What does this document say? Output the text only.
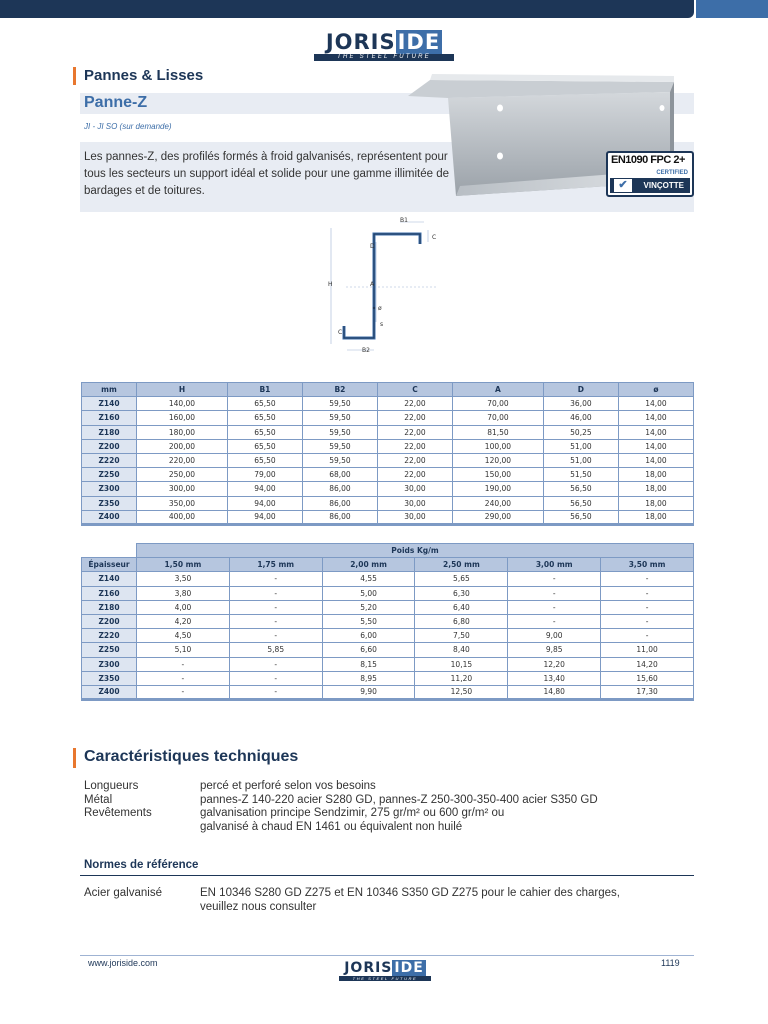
JORISIDE
THE STEEL FUTURE
Pannes & Lisses
Panne-Z
JI - JI SO (sur demande)
Les pannes-Z, des profilés formés à froid galvanisés, représentent pour tous les secteurs un support idéal et solide pour une gamme illimitée de bardages et de toitures.
EN1090 FPC 2+
CERTIFIED
✔	VINÇOTTE
B1
B2
C
C
D
H	A
ø
s
mm	H	B1	B2	C	A	D	ø
Z140	140,00	65,50	59,50	22,00	70,00	36,00	14,00
Z160	160,00	65,50	59,50	22,00	70,00	46,00	14,00
Z180	180,00	65,50	59,50	22,00	81,50	50,25	14,00
Z200	200,00	65,50	59,50	22,00	100,00	51,00	14,00
Z220	220,00	65,50	59,50	22,00	120,00	51,00	14,00
Z250	250,00	79,00	68,00	22,00	150,00	51,50	18,00
Z300	300,00	94,00	86,00	30,00	190,00	56,50	18,00
Z350	350,00	94,00	86,00	30,00	240,00	56,50	18,00
Z400	400,00	94,00	86,00	30,00	290,00	56,50	18,00
	Poids Kg/m					
Épaisseur	1,50 mm	1,75 mm	2,00 mm	2,50 mm	3,00 mm	3,50 mm
Z140	3,50	-	4,55	5,65	-	-
Z160	3,80	-	5,00	6,30	-	-
Z180	4,00	-	5,20	6,40	-	-
Z200	4,20	-	5,50	6,80	-	-
Z220	4,50	-	6,00	7,50	9,00	-
Z250	5,10	5,85	6,60	8,40	9,85	11,00
Z300	-	-	8,15	10,15	12,20	14,20
Z350	-	-	8,95	11,20	13,40	15,60
Z400	-	-	9,90	12,50	14,80	17,30
Caractéristiques techniques
Longueurs	percé et perforé selon vos besoins
Métal	pannes-Z 140-220 acier S280 GD, pannes-Z 250-300-350-400 acier S350 GD
Revêtements	galvanisation principe Sendzimir, 275 gr/m² ou 600 gr/m² ou
galvanisé à chaud EN 1461 ou équivalent non huilé
Normes de référence
Acier galvanisé	EN 10346 S280 GD Z275 et EN 10346 S350 GD Z275 pour le cahier des charges,
veuillez nous consulter
www.joriside.com	JORIS IDE
THE STEEL FUTURE
1119
